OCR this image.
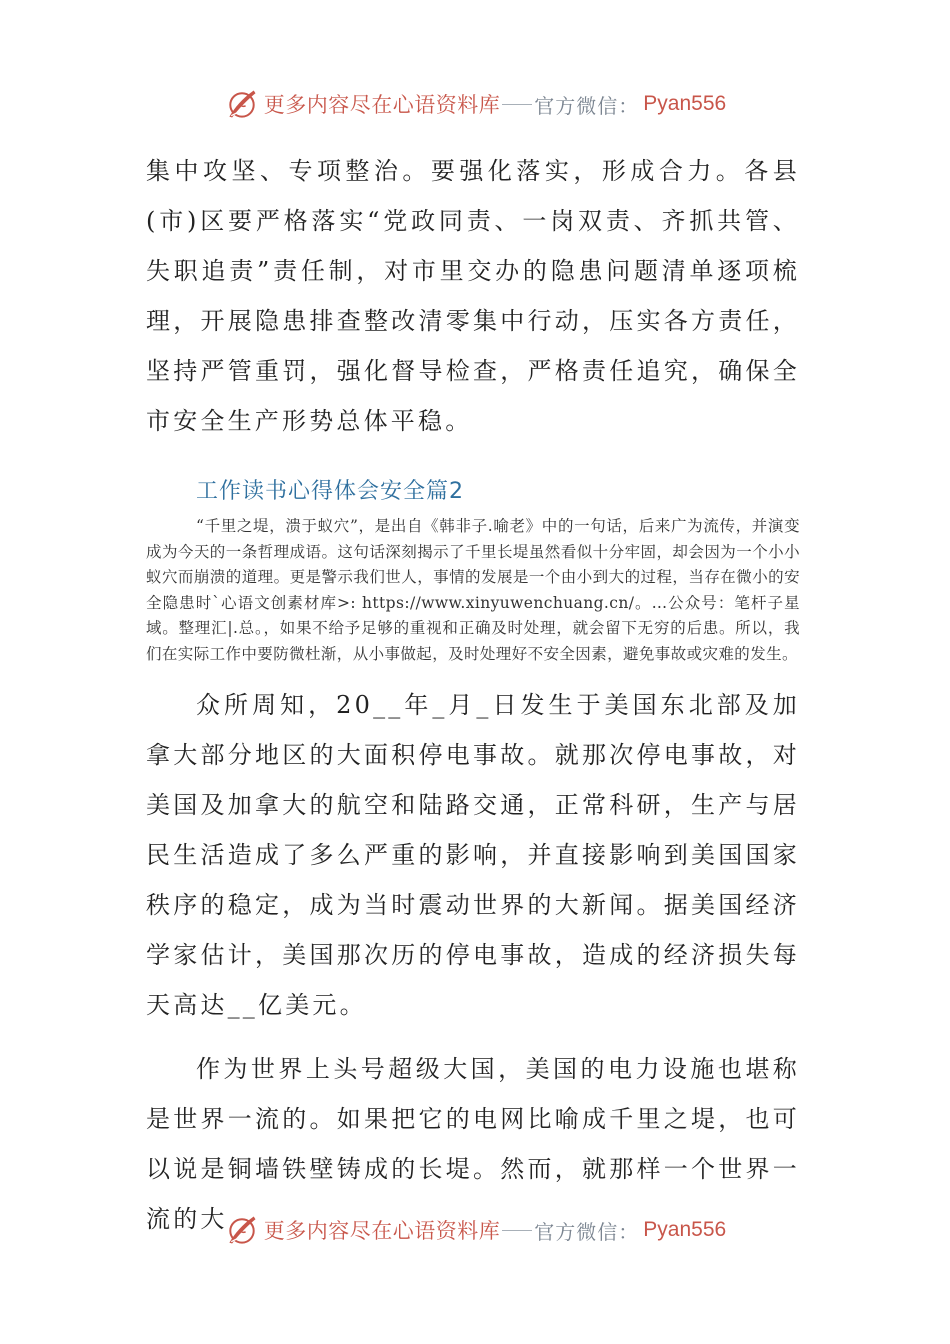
更多内容尽在心语资料库 官方微信： Pyan556

集中攻坚、专项整治。要强化落实，形成合力。各县(市)区要严格落实“党政同责、一岗双责、齐抓共管、失职追责”责任制，对市里交办的隐患问题清单逐项梳理，开展隐患排查整改清零集中行动，压实各方责任，坚持严管重罚，强化督导检查，严格责任追究，确保全市安全生产形势总体平稳。

工作读书心得体会安全篇2

“千里之堤，溃于蚁穴”，是出自《韩非子.喻老》中的一句话，后来广为流传，并演变成为今天的一条哲理成语。这句话深刻揭示了千里长堤虽然看似十分牢固，却会因为一个小小蚁穴而崩溃的道理。更是警示我们世人，事情的发展是一个由小到大的过程，当存在微小的安全隐患时`心语文创素材库>: https://www.xinyuwenchuang.cn/。…公众号：笔杆子星域。整理汇|.总。，如果不给予足够的重视和正确及时处理，就会留下无穷的后患。所以，我们在实际工作中要防微杜渐，从小事做起，及时处理好不安全因素，避免事故或灾难的发生。

众所周知，20__年_月_日发生于美国东北部及加拿大部分地区的大面积停电事故。就那次停电事故，对美国及加拿大的航空和陆路交通，正常科研，生产与居民生活造成了多么严重的影响，并直接影响到美国国家秩序的稳定，成为当时震动世界的大新闻。据美国经济学家估计，美国那次历的停电事故，造成的经济损失每天高达__亿美元。

作为世界上头号超级大国，美国的电力设施也堪称是世界一流的。如果把它的电网比喻成千里之堤，也可以说是铜墙铁壁铸成的长堤。然而，就那样一个世界一流的大	更多内容尽在心语资料库 官方微信： Pyan556
